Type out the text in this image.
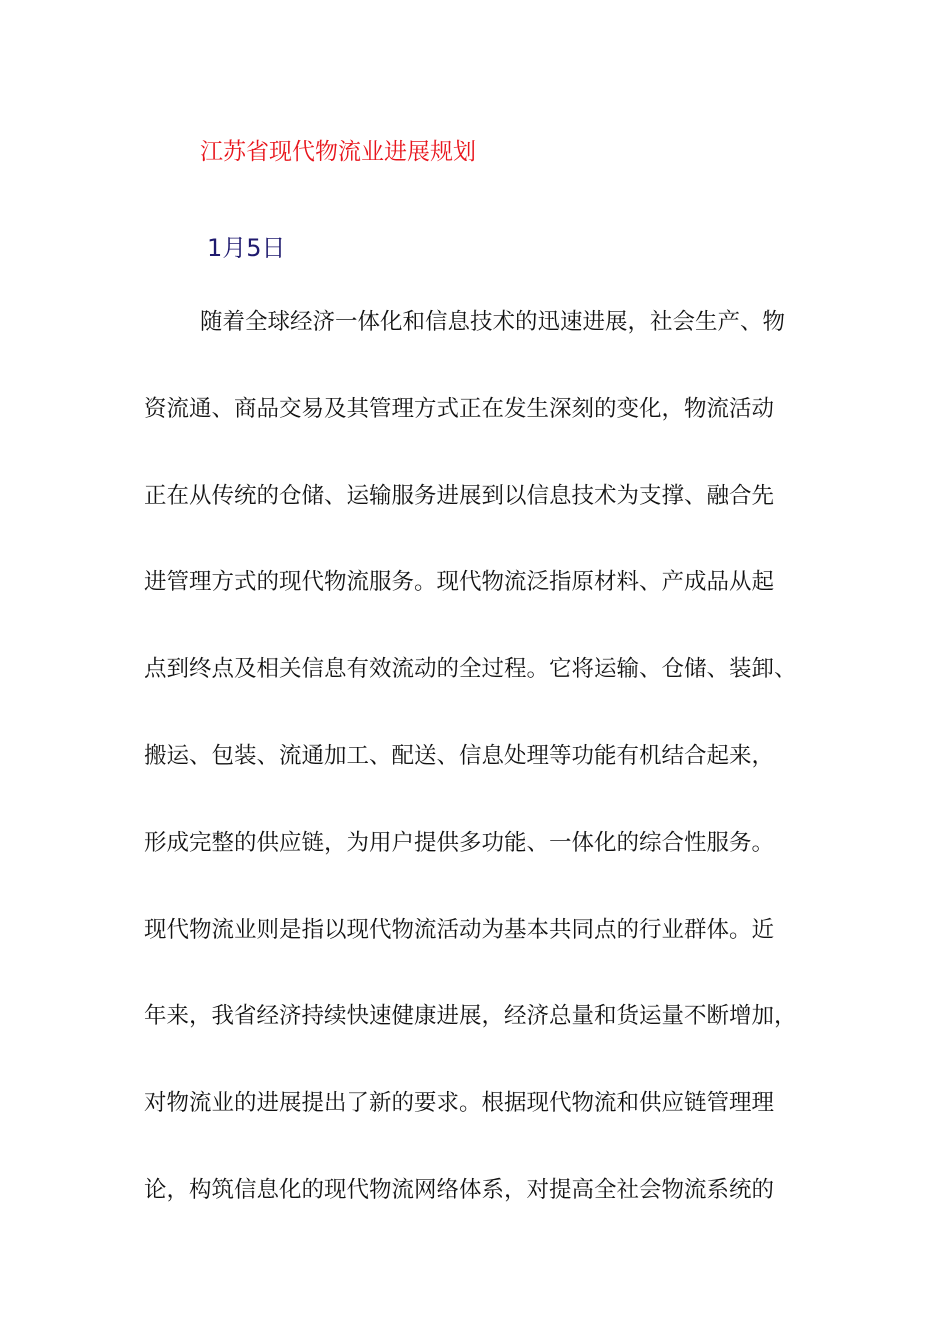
江苏省现代物流业进展规划
1月5日
随着全球经济一体化和信息技术的迅速进展，社会生产、物
资流通、商品交易及其管理方式正在发生深刻的变化，物流活动
正在从传统的仓储、运输服务进展到以信息技术为支撑、融合先
进管理方式的现代物流服务。现代物流泛指原材料、产成品从起
点到终点及相关信息有效流动的全过程。它将运输、仓储、装卸、
搬运、包装、流通加工、配送、信息处理等功能有机结合起来，
形成完整的供应链，为用户提供多功能、一体化的综合性服务。
现代物流业则是指以现代物流活动为基本共同点的行业群体。近
年来，我省经济持续快速健康进展，经济总量和货运量不断增加，
对物流业的进展提出了新的要求。根据现代物流和供应链管理理
论，构筑信息化的现代物流网络体系，对提高全社会物流系统的
